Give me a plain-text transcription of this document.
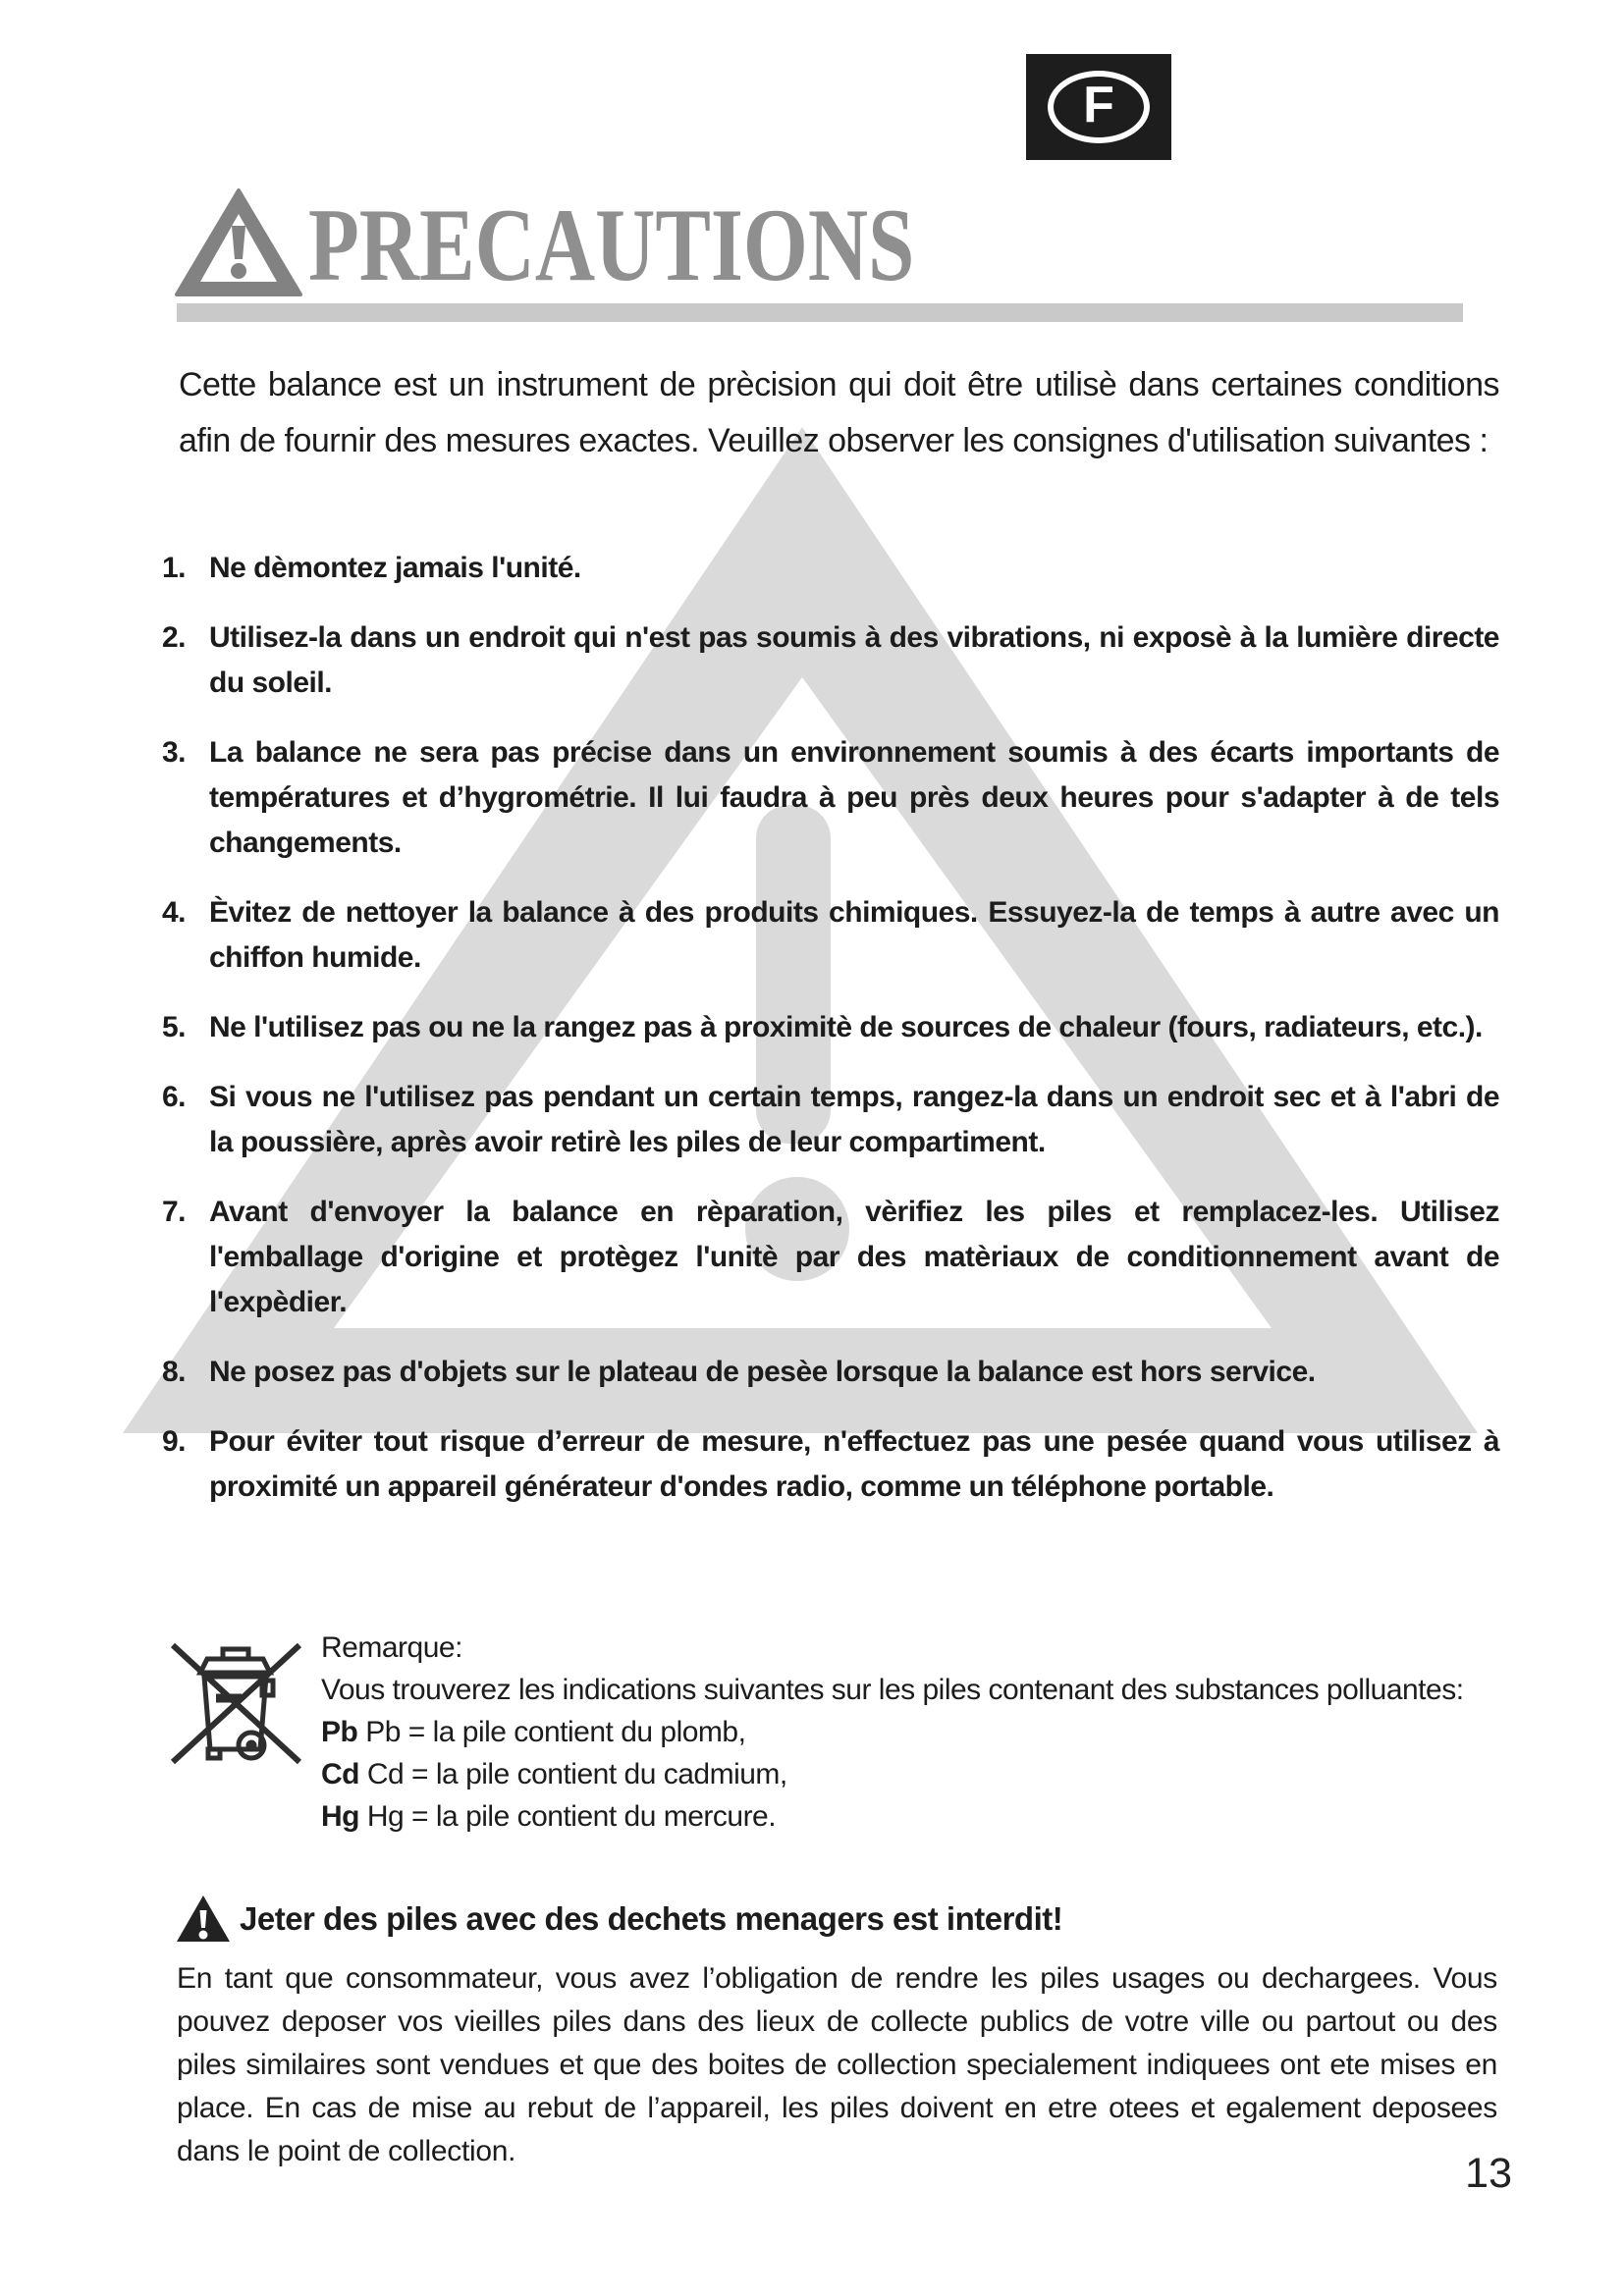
F
PRECAUTIONS
Cette balance est un instrument de prècision qui doit être utilisè dans certaines conditions afin de fournir des mesures exactes. Veuillez observer les consignes d'utilisation suivantes :
1. Ne dèmontez jamais l'unité.
2. Utilisez-la dans un endroit qui n'est pas soumis à des vibrations, ni exposè à la lumière directe du soleil.
3. La balance ne sera pas précise dans un environnement soumis à des écarts importants de températures et d’hygrométrie. Il lui faudra à peu près deux heures pour s'adapter à de tels changements.
4. Èvitez de nettoyer la balance à des produits chimiques. Essuyez-la de temps à autre avec un chiffon humide.
5. Ne l'utilisez pas ou ne la rangez pas à proximitè de sources de chaleur (fours, radiateurs, etc.).
6. Si vous ne l'utilisez pas pendant un certain temps, rangez-la dans un endroit sec et à l'abri de la poussière, après avoir retirè les piles de leur compartiment.
7. Avant d'envoyer la balance en rèparation, vèrifiez les piles et remplacez-les. Utilisez l'emballage d'origine et protègez l'unitè par des matèriaux de conditionnement avant de l'expèdier.
8. Ne posez pas d'objets sur le plateau de pesèe lorsque la balance est hors service.
9. Pour éviter tout risque d’erreur de mesure, n'effectuez pas une pesée quand vous utilisez à proximité un appareil générateur d'ondes radio, comme un téléphone portable.
Remarque:
Vous trouverez les indications suivantes sur les piles contenant des substances polluantes:
Pb Pb = la pile contient du plomb,
Cd Cd = la pile contient du cadmium,
Hg Hg = la pile contient du mercure.
Jeter des piles avec des dechets menagers est interdit!
En tant que consommateur, vous avez l’obligation de rendre les piles usages ou dechargees. Vous pouvez deposer vos vieilles piles dans des lieux de collecte publics de votre ville ou partout ou des piles similaires sont vendues et que des boites de collection specialement indiquees ont ete mises en place. En cas de mise au rebut de l’appareil, les piles doivent en etre otees et egalement deposees dans le point de collection.	13
